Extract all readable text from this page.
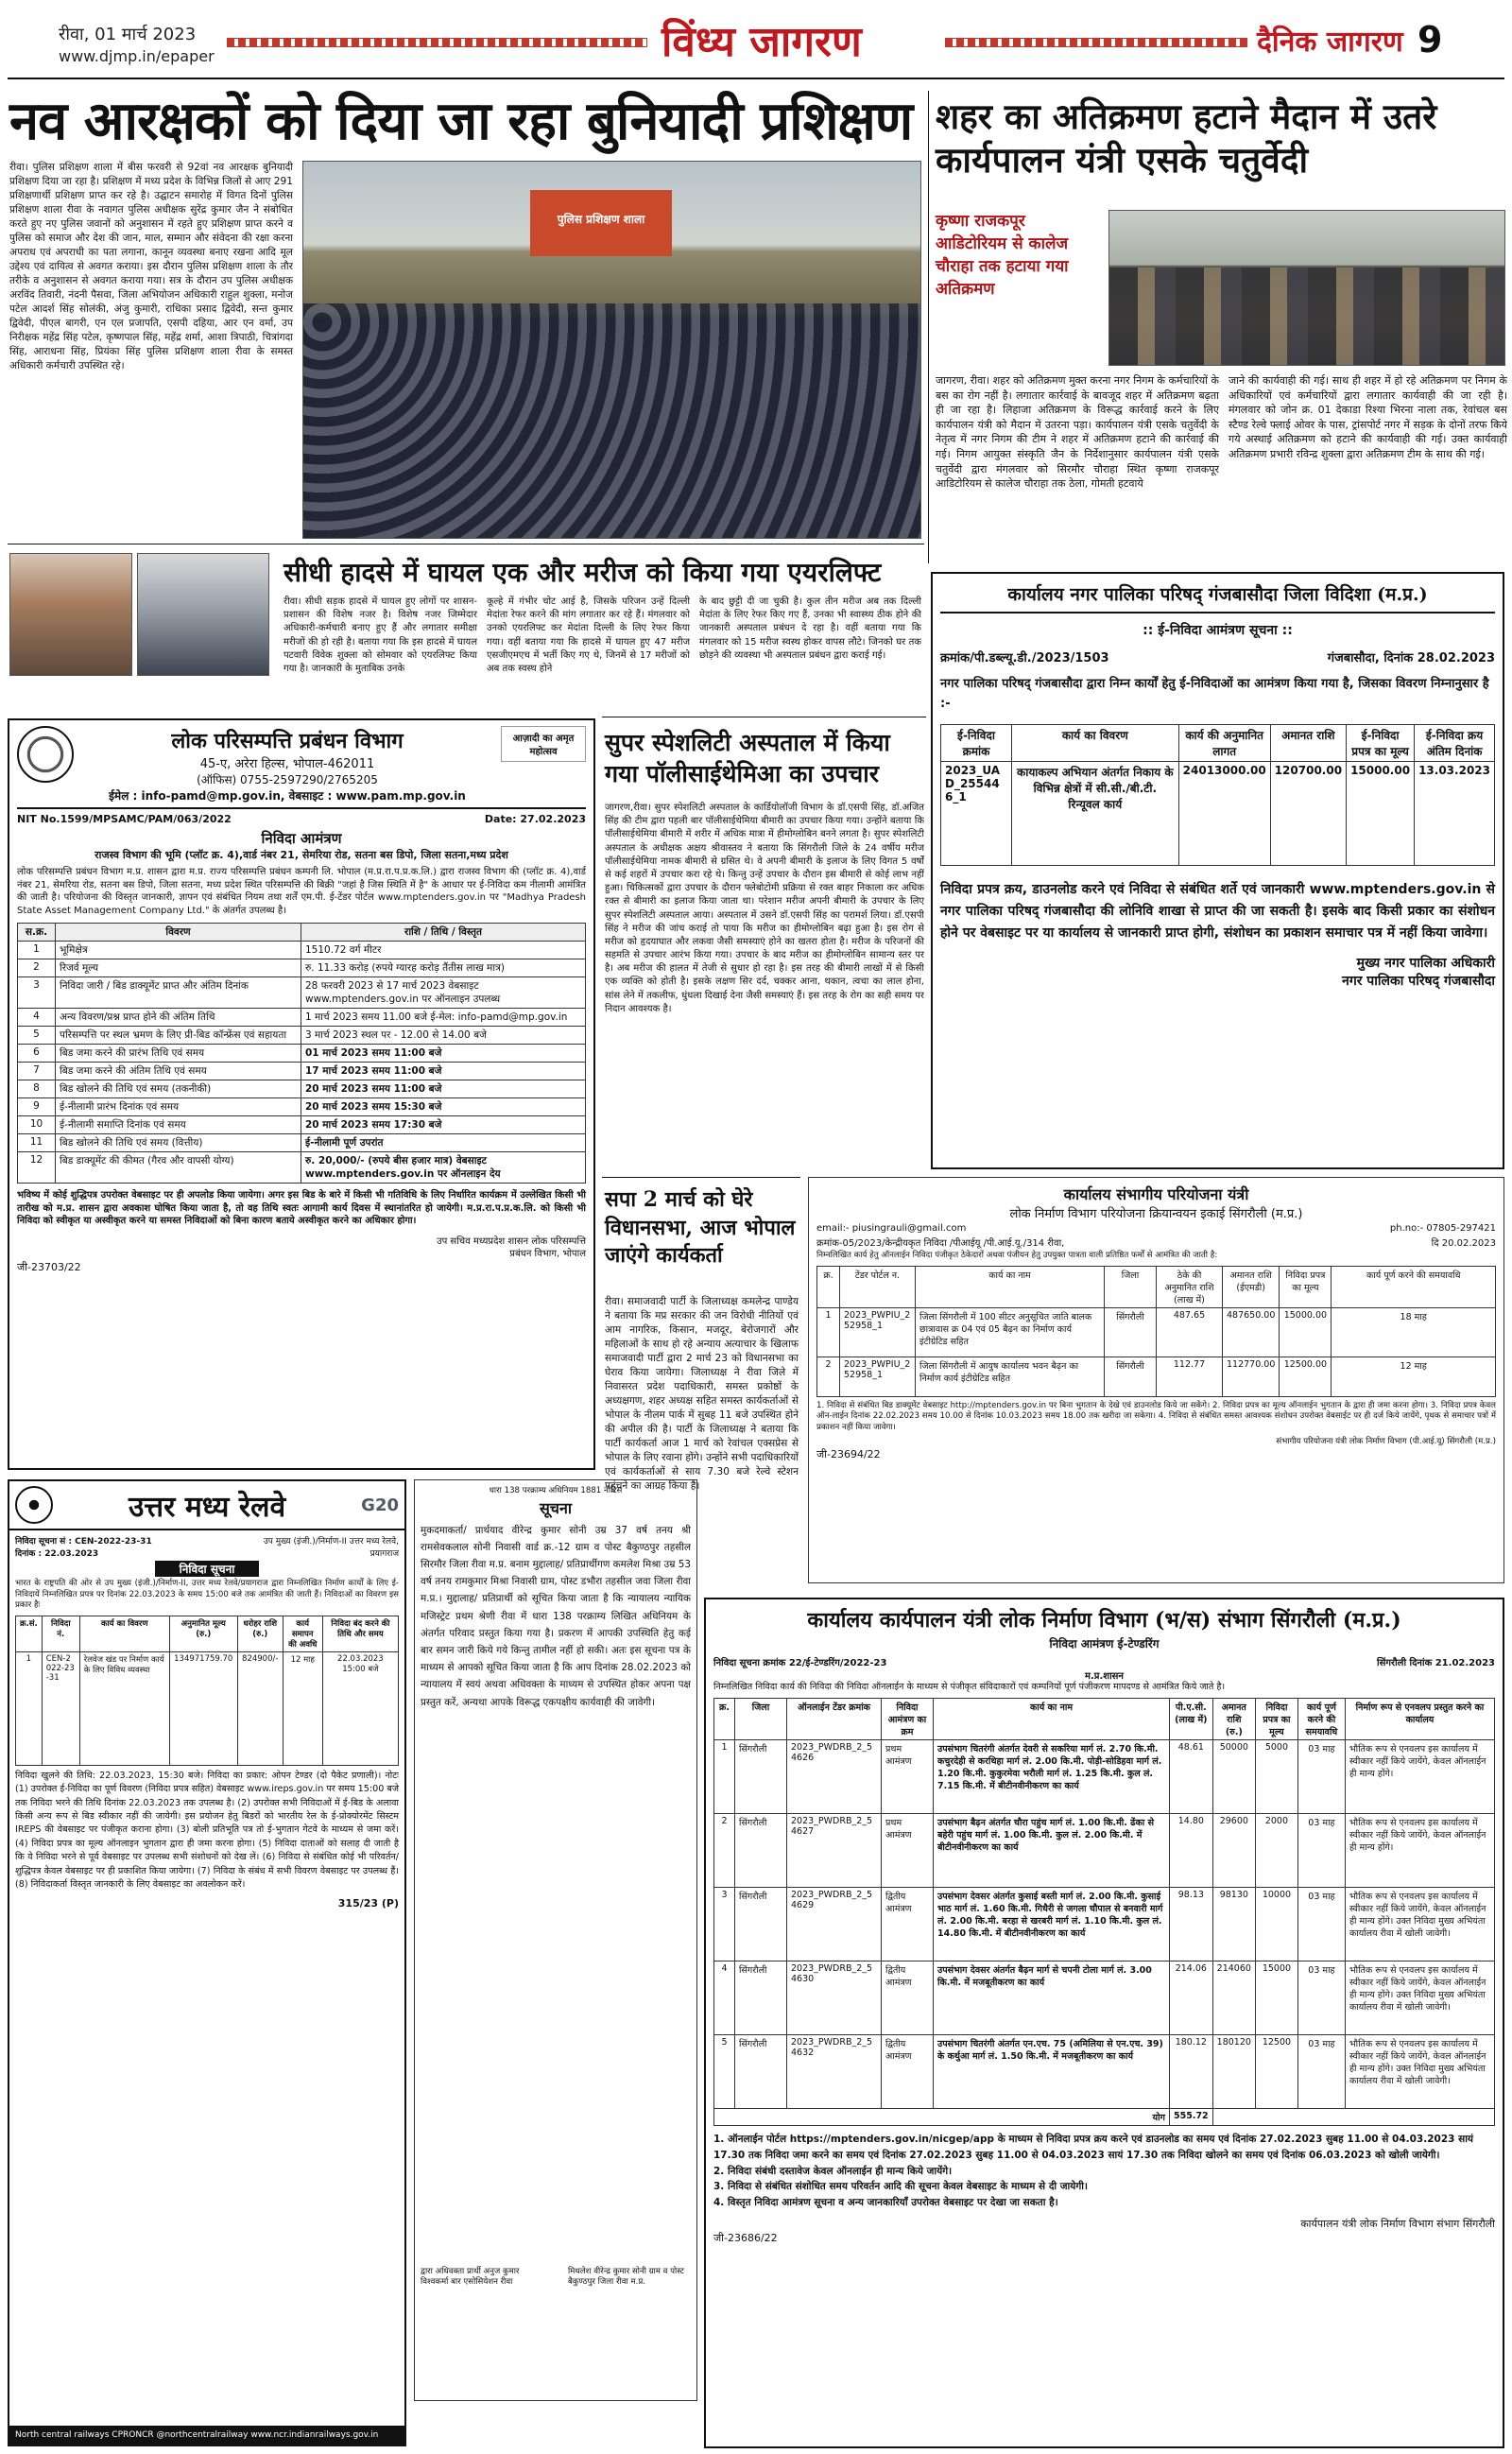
रीवा, 01 मार्च 2023
www.djmp.in/epaper	विंध्य जागरण	दैनिक जागरण 9
नव आरक्षकों को दिया जा रहा बुनियादी प्रशिक्षण
रीवा। पुलिस प्रशिक्षण शाला में बीस फरवरी से 92वां नव आरक्षक बुनियादी प्रशिक्षण दिया जा रहा है। प्रशिक्षण में मध्य प्रदेश के विभिन्न जिलों से आए 291 प्रशिक्षणार्थी प्रशिक्षण प्राप्त कर रहे है। उद्घाटन समारोह में विगत दिनों पुलिस प्रशिक्षण शाला रीवा के नवागत पुलिस अधीक्षक सुरेंद्र कुमार जैन ने संबोधित करते हुए नए पुलिस जवानों को अनुशासन में रहते हुए प्रशिक्षण प्राप्त करने व पुलिस को समाज और देश की जान, माल, सम्मान और संवेदना की रक्षा करना अपराध एवं अपराधी का पता लगाना, कानून व्यवस्था बनाए रखना आदि मूल उद्देश्य एवं दायित्व से अवगत कराया। इस दौरान पुलिस प्रशिक्षण शाला के तौर तरीके व अनुशासन से अवगत कराया गया। सत्र के दौरान उप पुलिस अधीक्षक अरविंद तिवारी, नंदनी पैसवा, जिला अभियोजन अधिकारी राहुल शुक्ला, मनोज पटेल आदर्श सिंह सोलंकी, अंजु कुमारी, राधिका प्रसाद द्विवेदी, सन्त कुमार द्विवेदी, पीएल बागरी, एन एल प्रजापति, एसपी दहिया, आर एन वर्मा, उप निरीक्षक महेंद्र सिंह पटेल, कृष्णपाल सिंह, महेंद्र शर्मा, आशा त्रिपाठी, चित्रांगदा सिंह, आराधना सिंह, प्रियंका सिंह पुलिस प्रशिक्षण शाला रीवा के समस्त अधिकारी कर्मचारी उपस्थित रहे।
पुलिस प्रशिक्षण शाला
शहर का अतिक्रमण हटाने मैदान में उतरे कार्यपालन यंत्री एसके चतुर्वेदी
कृष्णा राजकपूर आडिटोरियम से कालेज चौराहा तक हटाया गया अतिक्रमण
जागरण, रीवा। शहर को अतिक्रमण मुक्त करना नगर निगम के कर्मचारियों के बस का रोग नहीं है। लगातार कार्रवाई के बावजूद शहर में अतिक्रमण बढ़ता ही जा रहा है। लिहाजा अतिक्रमण के विरूद्ध कार्रवाई करने के लिए कार्यपालन यंत्री को मैदान में उतरना पड़ा। कार्यपालन यंत्री एसके चतुर्वेदी के नेतृत्व में नगर निगम की टीम ने शहर में अतिक्रमण हटाने की कार्रवाई की गई। निगम आयुक्त संस्कृति जैन के निर्देशानुसार कार्यपालन यंत्री एसके चतुर्वेदी द्वारा मंगलवार को सिरमौर चौराहा स्थित कृष्णा राजकपूर आडिटोरियम से कालेज चौराहा तक ठेला, गोमती हटवाये
जाने की कार्यवाही की गई। साथ ही शहर में हो रहे अतिक्रमण पर निगम के अधिकारियों एवं कर्मचारियों द्वारा लगातार कार्यवाही की जा रही है। मंगलवार को जोन क्र. 01 देकाडा रिश्या भिरना नाला तक, रेवांचल बस स्टैण्ड रेल्वे फ्लाई ओवर के पास, ट्रांसपोर्ट नगर में सड़क के दोनों तरफ किये गये अस्थाई अतिक्रमण को हटाने की कार्यवाही की गई। उक्त कार्यवाही अतिक्रमण प्रभारी रविन्द्र शुक्ला द्वारा अतिक्रमण टीम के साथ की गई।
सीधी हादसे में घायल एक और मरीज को किया गया एयरलिफ्ट
रीवा। सीधी सड़क हादसे में घायल हुए लोगों पर शासन-प्रशासन की विशेष नजर है। विशेष नजर जिम्मेदार अधिकारी-कर्मचारी बनाए हुए हैं और लगातार समीक्षा मरीजों की हो रही है। बताया गया कि इस हादसे में घायल पटवारी विवेक शुक्ला को सोमवार को एयरलिफ्ट किया गया है। जानकारी के मुताबिक उनके
कूल्हे में गंभीर चोट आई है, जिसके परिजन उन्हें दिल्ली मेदांता रेफर करने की मांग लगातार कर रहे हैं। मंगलवार को उनको एयरलिफ्ट कर मेदांता दिल्ली के लिए रेफर किया गया। वहीं बताया गया कि हादसे में घायल हुए 47 मरीज एसजीएमएच में भर्ती किए गए थे, जिनमें से 17 मरीजों को अब तक स्वस्थ होने
के बाद छुट्टी दी जा चुकी है। कुल तीन मरीज अब तक दिल्ली मेदांता के लिए रेफर किए गए हैं, उनका भी स्वास्थ्य ठीक होने की जानकारी अस्पताल प्रबंधन दे रहा है। वहीं बताया गया कि मंगलवार को 15 मरीज स्वस्थ होकर वापस लौटे। जिनको घर तक छोड़ने की व्यवस्था भी अस्पताल प्रबंधन द्वारा कराई गई।
कार्यालय नगर पालिका परिषद् गंजबासौदा जिला विदिशा (म.प्र.)
:: ई-निविदा आमंत्रण सूचना ::
क्रमांक/पी.डब्ल्यू.डी./2023/1503	गंजबासौदा, दिनांक 28.02.2023
नगर पालिका परिषद् गंजबासौदा द्वारा निम्न कार्यों हेतु ई-निविदाओं का आमंत्रण किया गया है, जिसका विवरण निम्नानुसार है :-
ई-निविदा क्रमांक	कार्य का विवरण	कार्य की अनुमानित लागत	अमानत राशि	ई-निविदा प्रपत्र का मूल्य	ई-निविदा क्रय अंतिम दिनांक
2023_UAD_255446_1	कायाकल्प अभियान अंतर्गत निकाय के विभिन्न क्षेत्रों में सी.सी./बी.टी. रिन्यूवल कार्य	24013000.00	120700.00	15000.00	13.03.2023
निविदा प्रपत्र क्रय, डाउनलोड करने एवं निविदा से संबंधित शर्ते एवं जानकारी www.mptenders.gov.in से नगर पालिका परिषद् गंजबासौदा की लोनिवि शाखा से प्राप्त की जा सकती है। इसके बाद किसी प्रकार का संशोधन होने पर वेबसाइट पर या कार्यालय से जानकारी प्राप्त होगी, संशोधन का प्रकाशन समाचार पत्र में नहीं किया जावेगा।
मुख्य नगर पालिका अधिकारी
नगर पालिका परिषद् गंजबासौदा
लोक परिसम्पत्ति प्रबंधन विभाग
45-ए, अरेरा हिल्स, भोपाल-462011
(ऑफिस) 0755-2597290/2765205
ईमेल : info-pamd@mp.gov.in, वेबसाइट : www.pam.mp.gov.in
आज़ादी का अमृत महोत्सव
NIT No.1599/MPSAMC/PAM/063/2022	Date: 27.02.2023
निविदा आमंत्रण
राजस्व विभाग की भूमि (प्लॉट क्र. 4),वार्ड नंबर 21, सेमरिया रोड, सतना बस डिपो, जिला सतना,मध्य प्रदेश
लोक परिसम्पत्ति प्रबंधन विभाग म.प्र. शासन द्वारा म.प्र. राज्य परिसम्पत्ति प्रबंधन कम्पनी लि. भोपाल (म.प्र.रा.प.प्र.क.लि.) द्वारा राजस्व विभाग की (प्लॉट क्र. 4),वार्ड नंबर 21, सेमरिया रोड, सतना बस डिपो, जिला सतना, मध्य प्रदेश स्थित परिसम्पत्ति की बिक्री "जहां है जिस स्थिति में है" के आधार पर ई-निविदा कम नीलामी आमंत्रित की जाती है। परियोजना की विस्तृत जानकारी, ज्ञापन एवं संबंधित नियम तथा शर्तें एम.पी. ई-टेंडर पोर्टल www.mptenders.gov.in पर "Madhya Pradesh State Asset Management Company Ltd." के अंतर्गत उपलब्ध है।
स.क्र.	विवरण	राशि / तिथि / विस्तृत
1	भूमिक्षेत्र	1510.72 वर्ग मीटर
2	रिजर्व मूल्य	रु. 11.33 करोड़ (रुपये ग्यारह करोड़ तैंतीस लाख मात्र)
3	निविदा जारी / बिड डाक्यूमेंट प्राप्त और अंतिम दिनांक	28 फरवरी 2023 से 17 मार्च 2023 वेबसाइट www.mptenders.gov.in पर ऑनलाइन उपलब्ध
4	अन्य विवरण/प्रश्न प्राप्त होने की अंतिम तिथि	1 मार्च 2023 समय 11.00 बजे ई-मेल: info-pamd@mp.gov.in
5	परिसम्पत्ति पर स्थल भ्रमण के लिए प्री-बिड कॉन्फ्रेंस एवं सहायता	3 मार्च 2023 स्थल पर - 12.00 से 14.00 बजे
6	बिड जमा करने की प्रारंभ तिथि एवं समय	01 मार्च 2023 समय 11:00 बजे
7	बिड जमा करने की अंतिम तिथि एवं समय	17 मार्च 2023 समय 11:00 बजे
8	बिड खोलने की तिथि एवं समय (तकनीकी)	20 मार्च 2023 समय 11:00 बजे
9	ई-नीलामी प्रारंभ दिनांक एवं समय	20 मार्च 2023 समय 15:30 बजे
10	ई-नीलामी समाप्ति दिनांक एवं समय	20 मार्च 2023 समय 17:30 बजे
11	बिड खोलने की तिथि एवं समय (वित्तीय)	ई-नीलामी पूर्ण उपरांत
12	बिड डाक्यूमेंट की कीमत (गैरव और वापसी योग्य)	रु. 20,000/- (रुपये बीस हजार मात्र) वेबसाइट www.mptenders.gov.in पर ऑनलाइन देय
भविष्य में कोई शुद्धिपत्र उपरोक्त वेबसाइट पर ही अपलोड किया जायेगा। अगर इस बिड के बारे में किसी भी गतिविधि के लिए निर्धारित कार्यक्रम में उल्लेखित किसी भी तारीख को म.प्र. शासन द्वारा अवकाश घोषित किया जाता है, तो वह तिथि स्वतः आगामी कार्य दिवस में स्थानांतरित हो जायेगी। म.प्र.रा.प.प्र.क.लि. को किसी भी निविदा को स्वीकृत या अस्वीकृत करने या समस्त निविदाओं को बिना कारण बताये अस्वीकृत करने का अधिकार होगा।
उप सचिव मध्यप्रदेश शासन लोक परिसम्पत्ति प्रबंधन विभाग, भोपाल
जी-23703/22
सुपर स्पेशलिटी अस्पताल में किया गया पॉलीसाईथेमिआ का उपचार
जागरण,रीवा। सुपर स्पेशलिटी अस्पताल के कार्डियोलॉजी विभाग के डॉ.एसपी सिंह, डॉ.अजित सिंह की टीम द्वारा पहली बार पॉलीसाईथेमिया बीमारी का उपचार किया गया। उन्होंने बताया कि पॉलीसाईथेमिया बीमारी में शरीर में अधिक मात्रा में हीमोग्लोबिन बनने लगता है। सुपर स्पेशलिटी अस्पताल के अधीक्षक अक्षय श्रीवास्तव ने बताया कि सिंगरौली जिले के 24 वर्षीय मरीज पॉलीसाईथेमिया नामक बीमारी से ग्रसित थे। वे अपनी बीमारी के इलाज के लिए विगत 5 वर्षों से कई शहरों में उपचार करा रहे थे। किन्तु उन्हें उपचार के दौरान इस बीमारी से कोई लाभ नहीं हुआ। चिकित्सकों द्वारा उपचार के दौरान फ्लेबोटोमी प्रक्रिया से रक्त बाहर निकाला कर अधिक रक्त से बीमारी का इलाज किया जाता था। परेशान मरीज अपनी बीमारी के उपचार के लिए सुपर स्पेशलिटी अस्पताल आया। अस्पताल में उसने डॉ.एसपी सिंह का परामर्श लिया। डॉ.एसपी सिंह ने मरीज की जांच कराई तो पाया कि मरीज का हीमोग्लोबिन बढ़ा हुआ है। इस रोग से मरीज को हृदयाघात और लकवा जैसी समस्याएं होने का खतरा होता है। मरीज के परिजनों की सहमति से उपचार आरंभ किया गया। उपचार के बाद मरीज का हीमोग्लोबिन सामान्य स्तर पर है। अब मरीज की हालत में तेजी से सुधार हो रहा है। इस तरह की बीमारी लाखों में से किसी एक व्यक्ति को होती है। इसके लक्षण सिर दर्द, चक्कर आना, थकान, त्वचा का लाल होना, सांस लेने में तकलीफ, धुंधला दिखाई देना जैसी समस्याएं हैं। इस तरह के रोग का सही समय पर निदान आवश्यक है।
सपा 2 मार्च को घेरे विधानसभा, आज भोपाल जाएंगे कार्यकर्ता
रीवा। समाजवादी पार्टी के जिलाध्यक्ष कमलेन्द्र पाण्डेय ने बताया कि मप्र सरकार की जन विरोधी नीतियों एवं आम नागरिक, किसान, मजदूर, बेरोजगारों और महिलाओं के साथ हो रहे अन्याय अत्याचार के खिलाफ समाजवादी पार्टी द्वारा 2 मार्च 23 को विधानसभा का घेराव किया जायेगा। जिलाध्यक्ष ने रीवा जिले में निवासरत प्रदेश पदाधिकारी, समस्त प्रकोष्ठों के अध्यक्षगण, शहर अध्यक्ष सहित समस्त कार्यकर्ताओं से भोपाल के नीलम पार्क में सुबह 11 बजे उपस्थित होने की अपील की है। पार्टी के जिलाध्यक्ष ने बताया कि पार्टी कार्यकर्ता आज 1 मार्च को रेवांचल एक्सप्रेस से भोपाल के लिए रवाना होंगे। उन्होंने सभी पदाधिकारियों एवं कार्यकर्ताओं से साय 7.30 बजे रेल्वे स्टेशन पहुंचने का आग्रह किया है।
कार्यालय संभागीय परियोजना यंत्री
लोक निर्माण विभाग परियोजना क्रियान्वयन इकाई सिंगरौली (म.प्र.)
email:- piusingrauli@gmail.com	ph.no:- 07805-297421
क्रमांक-05/2023/केन्द्रीयकृत निविदा /पीआईयू /पी.आई.यू./314 रीवा,	दि 20.02.2023
निम्नलिखित कार्य हेतु ऑनलाईन निविदा पंजीकृत ठेकेदारों अथवा पंजीयन हेतु उपयुक्त पात्रता वाली प्रतिष्ठित फर्मों से आमंत्रित की जाती है:
क्र.	टेंडर पोर्टल न.	कार्य का नाम	जिला	ठेके की अनुमानित राशि (लाख में)	अमानत राशि (ईएमडी)	निविदा प्रपत्र का मूल्य	कार्य पूर्ण करने की समयावधि
1	2023_PWPIU_252958_1	जिला सिंगरौली में 100 सीटर अनुसूचित जाति बालक छात्रावास क्र 04 एवं 05 बैढ़न का निर्माण कार्य इंटीग्रेटिड सहित	सिंगरौली	487.65	487650.00	15000.00	18 माह
2	2023_PWPIU_252958_1	जिला सिंगरौली में आयुष कार्यालय भवन बैढ़न का निर्माण कार्य इंटीग्रेटिड सहित	सिंगरौली	112.77	112770.00	12500.00	12 माह
1. निविदा से संबंधित बिड डाक्यूमेंट वेबसाइट http://mptenders.gov.in पर बिना भुगतान के देखे एवं डाउनलोड किये जा सकेंगे। 2. निविदा प्रपत्र का मूल्य ऑनलाईन भुगतान के द्वारा ही जमा करना होगा। 3. निविदा प्रपत्र केवल ऑन-लाईन दिनांक 22.02.2023 समय 10.00 से दिनांक 10.03.2023 समय 18.00 तक खरीदा जा सकेगा। 4. निविदा से संबंधित समस्त आवश्यक संशोधन उपरोक्त वेबसाईट पर ही दर्ज किये जायेंगे, पृथक से समाचार पत्रों में प्रकाशन नहीं किया जावेगा।
संभागीय परियोजना यंत्री लोक निर्माण विभाग (पी.आई.यू) सिंगरौली (म.प्र.)
जी-23694/22
उत्तर मध्य रेलवे	G20
निविदा सूचना सं : CEN-2022-23-31
दिनांक : 22.03.2023
उप मुख्य (इंजी.)/निर्माण-II उत्तर मध्य रेलवे, प्रयागराज
निविदा सूचना
भारत के राष्ट्रपति की ओर से उप मुख्य (इंजी.)/निर्माण-II, उत्तर मध्य रेलवे/प्रयागराज द्वारा निम्नलिखित निर्माण कार्यों के लिए ई-निविदायें निम्नलिखित प्रपत्र पर दिनांक 22.03.2023 के समय 15:00 बजे तक आमंत्रित की जाती हैं। निविदाओं का विवरण इस प्रकार हैः
क्र.सं.	निविदा नं.	कार्य का विवरण	अनुमानित मूल्य (रु.)	धरोहर राशि (रु.)	कार्य समापन की अवधि	निविदा बंद करने की तिथि और समय
1	CEN-2022-23-31	रेलवेज खंड पर निर्माण कार्य के लिए विविध व्यवस्था	134971759.70	824900/-	12 माह	22.03.2023 15:00 बजे
निविदा खुलने की तिथि: 22.03.2023, 15:30 बजे। निविदा का प्रकार: ओपन टेण्डर (दो पैकेट प्रणाली)। नोटः (1) उपरोक्त ई-निविदा का पूर्ण विवरण (निविदा प्रपत्र सहित) वेबसाइट www.ireps.gov.in पर समय 15:00 बजे तक निविदा भरने की तिथि दिनांक 22.03.2023 तक उपलब्ध है। (2) उपरोक्त सभी निविदाओं में ई-बिड के अलावा किसी अन्य रूप से बिड स्वीकार नहीं की जायेगी। इस प्रयोजन हेतु बिडरों को भारतीय रेल के ई-प्रोक्योरमेंट सिस्टम IREPS की वेबसाइट पर पंजीकृत कराना होगा। (3) बोली प्रतिभूति पत्र तो ई-भुगतान गेटवे के माध्यम से जमा करें। (4) निविदा प्रपत्र का मूल्य ऑनलाइन भुगतान द्वारा ही जमा करना होगा। (5) निविदा दाताओं को सलाह दी जाती है कि वे निविदा भरने से पूर्व वेबसाइट पर उपलब्ध सभी संशोधनों को देख लें। (6) निविदा से संबंधित कोई भी परिवर्तन/शुद्धिपत्र केवल वेबसाइट पर ही प्रकाशित किया जायेगा। (7) निविदा के संबंध में सभी विवरण वेबसाइट पर उपलब्ध हैं। (8) निविदाकर्ता विस्तृत जानकारी के लिए वेबसाइट का अवलोकन करें।
315/23 (P)
North central railways CPRONCR @northcentralrailway www.ncr.indianrailways.gov.in
धारा 138 परक्राम्य अधिनियम 1881 नोटिस
सूचना
मुकदमाकर्ता/ प्रार्थयाद वीरेन्द्र कुमार सोनी उम्र 37 वर्ष तनय श्री रामसेवकलाल सोनी निवासी वार्ड क्र.-12 ग्राम व पोस्ट बैकुण्ठपुर तहसील सिरमौर जिला रीवा म.प्र. बनाम मुद्दालाह/ प्रतिप्रार्थीगण कमलेश मिश्रा उम्र 53 वर्ष तनय रामकुमार मिश्रा निवासी ग्राम, पोस्ट डभौरा तहसील जवा जिला रीवा म.प्र.। मुद्दालाह/ प्रतिप्रार्थी को सूचित किया जाता है कि न्यायालय न्यायिक मजिस्ट्रेट प्रथम श्रेणी रीवा में धारा 138 परक्राम्य लिखित अधिनियम के अंतर्गत परिवाद प्रस्तुत किया गया है। प्रकरण में आपकी उपस्थिति हेतु कई बार समन जारी किये गये किन्तु तामील नहीं हो सकी। अतः इस सूचना पत्र के माध्यम से आपको सूचित किया जाता है कि आप दिनांक 28.02.2023 को न्यायालय में स्वयं अथवा अधिवक्ता के माध्यम से उपस्थित होकर अपना पक्ष प्रस्तुत करें, अन्यथा आपके विरूद्ध एकपक्षीय कार्यवाही की जावेगी।
द्वारा अधिवक्ता प्रार्थी अनुज कुमार विश्वकर्मा बार एसोसियेशन रीवा
मिथलेश वीरेन्द्र कुमार सोनी ग्राम व पोस्ट बैकुण्ठपुर जिला रीवा म.प्र.
कार्यालय कार्यपालन यंत्री लोक निर्माण विभाग (भ/स) संभाग सिंगरौली (म.प्र.)
निविदा आमंत्रण ई-टेण्डरिंग
निविदा सूचना क्रमांक 22/ई-टेण्डरिंग/2022-23	सिंगरौली दिनांक 21.02.2023
म.प्र.शासन
निम्नलिखित निविदा कार्य की निविदा की निविदा ऑनलाईन के माध्यम से पंजीकृत संविदाकारों एवं कम्पनियों पूर्ण पंजीकरण मापदण्ड से आमंत्रित किये जाते है।
क्र.	जिला	ऑनलाईन टेंडर क्रमांक	निविदा आमंत्रण का क्रम	कार्य का नाम	पी.ए.सी. (लाख में)	अमानत राशि (रु.)	निविदा प्रपत्र का मूल्य	कार्य पूर्ण करने की समयावधि	निर्माण रूप से एनवलप प्रस्तुत करने का कार्यालय
1	सिंगरौली	2023_PWDRB_2_54626	प्रथम आमंत्रण	उपसंभाग चितरंगी अंतर्गत देवरी से सकरिया मार्ग लं. 2.70 कि.मी. कचुरदेही से करथिहा मार्ग लं. 2.00 कि.मी. पोड़ी-सोडिहवा मार्ग लं. 1.20 कि.मी. कुकुरमेवा भरौली मार्ग लं. 1.25 कि.मी. कुल लं. 7.15 कि.मी. में बीटीनवीनीकरण का कार्य	48.61	50000	5000	03 माह	भौतिक रूप से एनवलप इस कार्यालय में स्वीकार नहीं किये जायेंगे, केवल ऑनलाईन ही मान्य होंगे।
2	सिंगरौली	2023_PWDRB_2_54627	प्रथम आमंत्रण	उपसंभाग बैढ़न अंतर्गत चौरा पहुंच मार्ग लं. 1.00 कि.मी. ढेंका से बहेरी पहुंच मार्ग लं. 1.00 कि.मी. कुल लं. 2.00 कि.मी. में बीटीनवीनीकरण का कार्य	14.80	29600	2000	03 माह	भौतिक रूप से एनवलप इस कार्यालय में स्वीकार नहीं किये जायेंगे, केवल ऑनलाईन ही मान्य होंगे।
3	सिंगरौली	2023_PWDRB_2_54629	द्वितीय आमंत्रण	उपसंभाग देवसर अंतर्गत कुसाई बस्ती मार्ग लं. 2.00 कि.मी. कुसाई भाठ मार्ग लं. 1.60 कि.मी. गिधैरी से जगला चौपाल से बनवारी मार्ग लं. 2.00 कि.मी. बरहा से खरबरी मार्ग लं. 1.10 कि.मी. कुल लं. 14.80 कि.मी. में बीटीनवीनीकरण का कार्य	98.13	98130	10000	03 माह	भौतिक रूप से एनवलप इस कार्यालय में स्वीकार नहीं किये जायेंगे, केवल ऑनलाईन ही मान्य होंगे। उक्त निविदा मुख्य अभियंता कार्यालय रीवा में खोली जावेगी।
4	सिंगरौली	2023_PWDRB_2_54630	द्वितीय आमंत्रण	उपसंभाग देवसर अंतर्गत बैढ़न मार्ग से चपनी टोला मार्ग लं. 3.00 कि.मी. में मजबूतीकरण का कार्य	214.06	214060	15000	03 माह	भौतिक रूप से एनवलप इस कार्यालय में स्वीकार नहीं किये जायेंगे, केवल ऑनलाईन ही मान्य होंगे। उक्त निविदा मुख्य अभियंता कार्यालय रीवा में खोली जावेगी।
5	सिंगरौली	2023_PWDRB_2_54632	द्वितीय आमंत्रण	उपसंभाग चितरंगी अंतर्गत एन.एच. 75 (अमिलिया से एन.एच. 39) के कर्थुआ मार्ग लं. 1.50 कि.मी. में मजबूतीकरण का कार्य	180.12	180120	12500	03 माह	भौतिक रूप से एनवलप इस कार्यालय में स्वीकार नहीं किये जायेंगे, केवल ऑनलाईन ही मान्य होंगे। उक्त निविदा मुख्य अभियंता कार्यालय रीवा में खोली जावेगी।
योग					555.72				
1. ऑनलाईन पोर्टल https://mptenders.gov.in/nicgep/app के माध्यम से निविदा प्रपत्र क्रय करने एवं डाउनलोड का समय एवं दिनांक 27.02.2023 सुबह 11.00 से 04.03.2023 सायं 17.30 तक निविदा जमा करने का समय एवं दिनांक 27.02.2023 सुबह 11.00 से 04.03.2023 सायं 17.30 तक निविदा खोलने का समय एवं दिनांक 06.03.2023 को खोली जायेगी।
2. निविदा संबंधी दस्तावेज केवल ऑनलाईन ही मान्य किये जायेंगे।
3. निविदा से संबंधित संशोधित समय परिवर्तन आदि की सूचना केवल वेबसाइट के माध्यम से दी जायेगी।
4. विस्तृत निविदा आमंत्रण सूचना व अन्य जानकारियाँ उपरोक्त वेबसाइट पर देखा जा सकता है।
कार्यपालन यंत्री लोक निर्माण विभाग संभाग सिंगरौली
जी-23686/22
